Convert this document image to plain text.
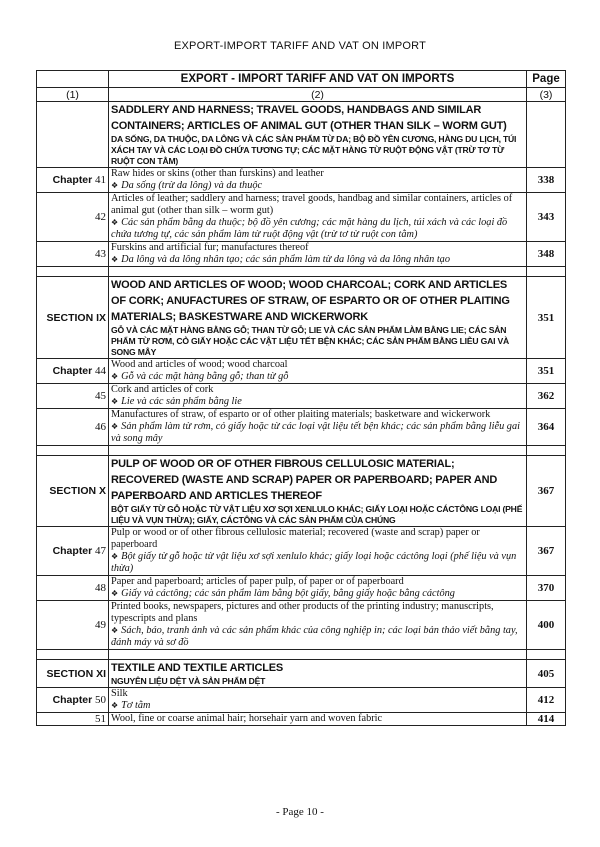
EXPORT-IMPORT TARIFF AND VAT ON IMPORT
	EXPORT - IMPORT TARIFF AND VAT ON IMPORTS	Page
(1)	(2)	(3)

	SADDLERY AND HARNESS; TRAVEL GOODS, HANDBAGS AND SIMILAR CONTAINERS; ARTICLES OF ANIMAL GUT (OTHER THAN SILK – WORM GUT)
DA SỐNG, DA THUỘC, DA LÔNG VÀ CÁC SẢN PHẨM TỪ DA; BỘ ĐỒ YÊN CƯƠNG, HÀNG DU LỊCH, TÚI XÁCH TAY VÀ CÁC LOẠI ĐỒ CHỨA TƯƠNG TỰ; CÁC MẶT HÀNG TỪ RUỘT ĐỘNG VẬT (TRỪ TƠ TỪ RUỘT CON TẰM)	

Chapter 41	Raw hides or skins (other than furskins) and leather
❖ Da sống (trừ da lông) và da thuộc	338
42	Articles of leather; saddlery and harness; travel goods, handbag and similar containers, articles of animal gut (other than silk – worm gut)
❖ Các sản phẩm bằng da thuộc; bộ đồ yên cương; các mặt hàng du lịch, túi xách và các loại đồ chứa tương tự, các sản phẩm làm từ ruột động vật (trừ tơ từ ruột con tằm)	343
43	Furskins and artificial fur; manufactures thereof
❖ Da lông và da lông nhân tạo; các sản phẩm làm từ da lông và da lông nhân tạo	348

SECTION IX	WOOD AND ARTICLES OF WOOD; WOOD CHARCOAL; CORK AND ARTICLES OF CORK; ANUFACTURES OF STRAW, OF ESPARTO OR OF OTHER PLAITING MATERIALS; BASKESTWARE AND WICKERWORK
GỖ VÀ CÁC MẶT HÀNG BẰNG GỖ; THAN TỪ GỖ; LIE VÀ CÁC SẢN PHẨM LÀM BẰNG LIE; CÁC SẢN PHẨM TỪ RƠM, CỎ GIẤY HOẶC CÁC VẬT LIỆU TẾT BỆN KHÁC; CÁC SẢN PHẨM BẰNG LIỄU GAI VÀ SONG MÂY	351
Chapter 44	Wood and articles of wood; wood charcoal
❖ Gỗ và các mặt hàng bằng gỗ; than từ gỗ	351
45	Cork and articles of cork
❖ Lie và các sản phẩm bằng lie	362
46	Manufactures of straw, of esparto or of other plaiting materials; basketware and wickerwork
❖ Sản phẩm làm từ rơm, cỏ giấy hoặc từ các loại vật liệu tết bện khác; các sản phẩm bằng liễu gai và song mây	364

SECTION X	PULP OF WOOD OR OF OTHER FIBROUS CELLULOSIC MATERIAL; RECOVERED (WASTE AND SCRAP) PAPER OR PAPERBOARD; PAPER AND PAPERBOARD AND ARTICLES THEREOF
BỘT GIẤY TỪ GỖ HOẶC TỪ VẬT LIỆU XƠ SỢI XENLULO KHÁC; GIẤY LOẠI HOẶC CÁCTÔNG LOẠI (PHẾ LIỆU VÀ VỤN THỪA); GIẤY, CÁCTÔNG VÀ CÁC SẢN PHẨM CỦA CHÚNG	367
Chapter 47	Pulp or wood or of other fibrous cellulosic material; recovered (waste and scrap) paper or paperboard
❖ Bột giấy từ gỗ hoặc từ vật liệu xơ sợi xenlulo khác; giấy loại hoặc cáctông loại (phế liệu và vụn thừa)	367
48	Paper and paperboard; articles of paper pulp, of paper or of paperboard
❖ Giấy và cáctông; các sản phẩm làm bằng bột giấy, bằng giấy hoặc bằng cáctông	370
49	Printed books, newspapers, pictures and other products of the printing industry; manuscripts, typescripts and plans
❖ Sách, báo, tranh ảnh và các sản phẩm khác của công nghiệp in; các loại bản thảo viết bằng tay, đánh máy và sơ đồ	400

SECTION XI	TEXTILE AND TEXTILE ARTICLES
NGUYÊN LIỆU DỆT VÀ SẢN PHẨM DỆT	405
Chapter 50	Silk
❖ Tơ tằm	412
51	Wool, fine or coarse animal hair; horsehair yarn and woven fabric	414
- Page 10 -
